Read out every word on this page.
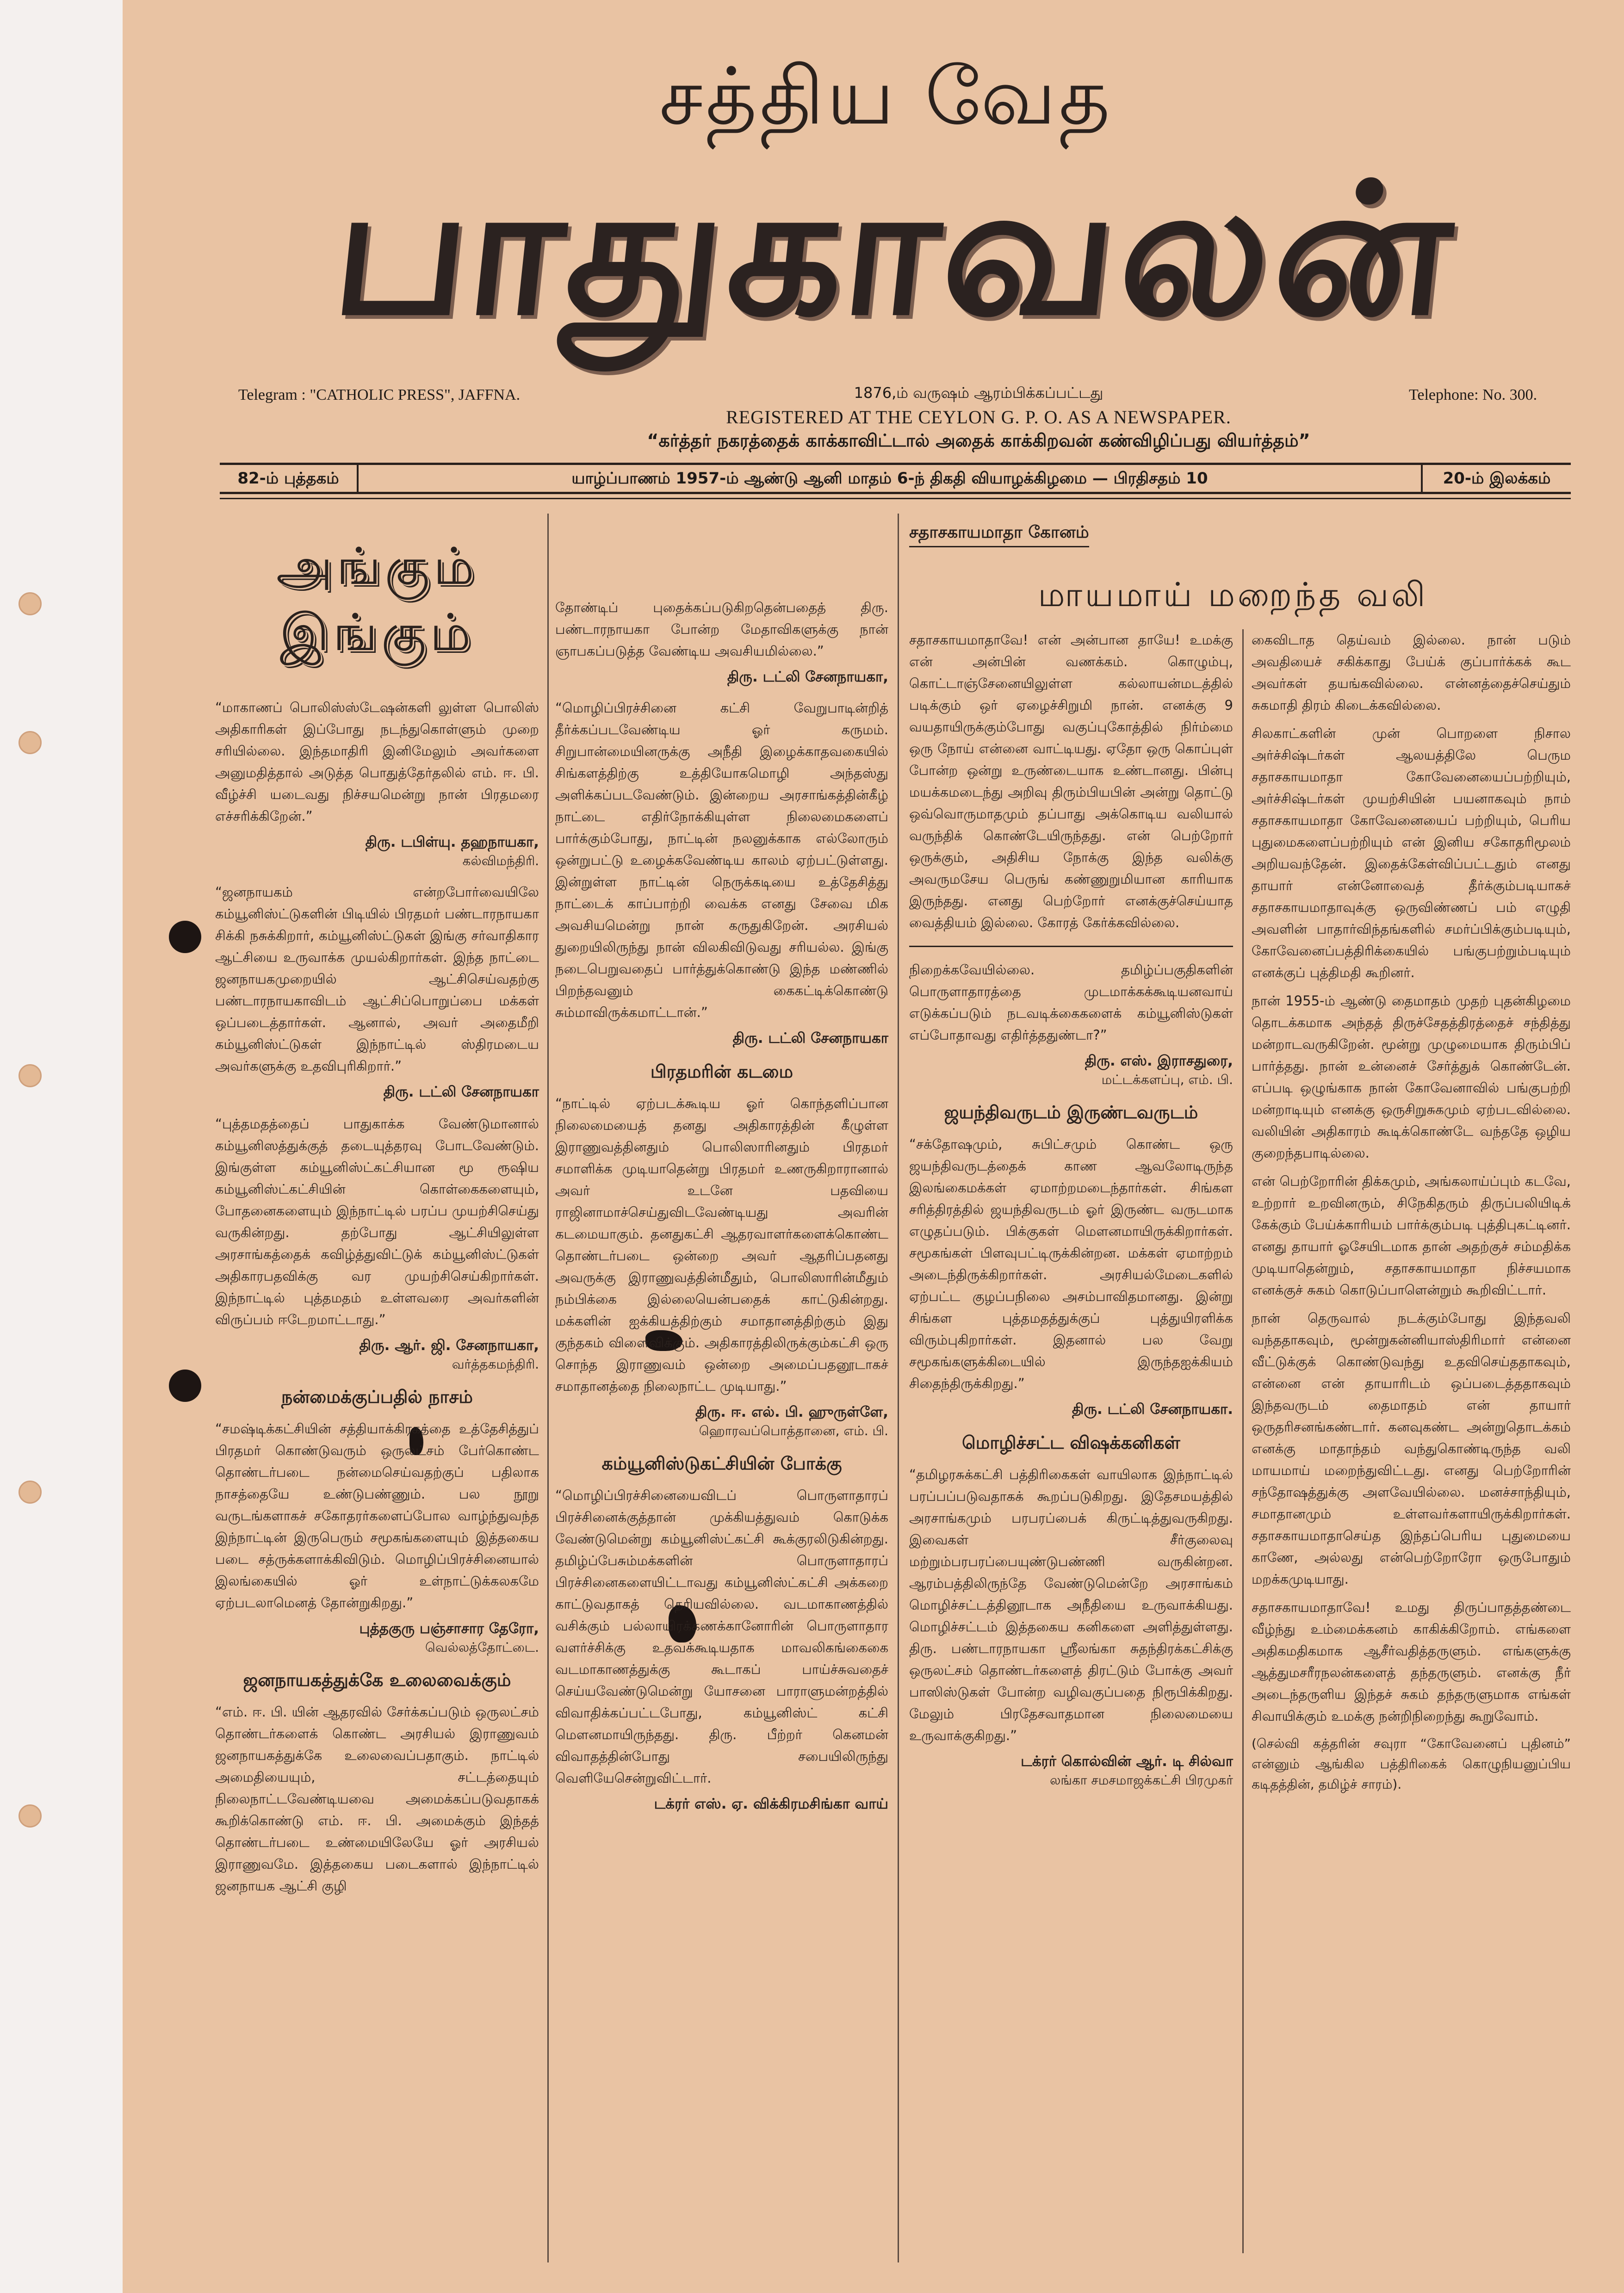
சத்திய வேத
பாதுகாவலன்
Telegram : "CATHOLIC PRESS", JAFFNA.	1876,ம் வருஷம் ஆரம்பிக்கப்பட்டது	Telephone: No. 300.
REGISTERED AT THE CEYLON G. P. O. AS A NEWSPAPER.
“கர்த்தர் நகரத்தைக் காக்காவிட்டால் அதைக் காக்கிறவன் கண்விழிப்பது வியர்த்தம்”
82-ம் புத்தகம்	யாழ்ப்பாணம் 1957-ம் ஆண்டு ஆனி மாதம் 6-ந் திகதி வியாழக்கிழமை — பிரதிசதம் 10	20-ம் இலக்கம்
அங்கும் இங்கும்
“மாகாணப் பொலிஸ்ஸ்டேஷன்களி லுள்ள பொலிஸ் அதிகாரிகள் இப்போது நடந்துகொள்ளும் முறை சரியில்லை. இந்தமாதிரி இனிமேலும் அவர்களை அனுமதித்தால் அடுத்த பொதுத்தேர்தலில் எம். ஈ. பி. வீழ்ச்சி யடைவது நிச்சயமென்று நான் பிரதமரை எச்சரிக்கிறேன்.”
திரு. டபிள்யு. தஹநாயகா,
கல்விமந்திரி.
“ஜனநாயகம் என்றபோர்வையிலே கம்யூனிஸ்ட்டுகளின் பிடியில் பிரதமர் பண்டாரநாயகா சிக்கி நசுக்கிறார், கம்யூனிஸ்ட்டுகள் இங்கு சர்வாதிகார ஆட்சியை உருவாக்க முயல்கிறார்கள். இந்த நாட்டை ஜனநாயகமுறையில் ஆட்சிசெய்வதற்கு பண்டாரநாயகாவிடம் ஆட்சிப்பொறுப்பை மக்கள் ஒப்படைத்தார்கள். ஆனால், அவர் அதைமீறி கம்யூனிஸ்ட்டுகள் இந்நாட்டில் ஸ்திரமடைய அவர்களுக்கு உதவிபுரிகிறார்.”
திரு. டட்லி சேனநாயகா
“புத்தமதத்தைப் பாதுகாக்க வேண்டுமானால் கம்யூனிஸத்துக்குத் தடையுத்தரவு போடவேண்டும். இங்குள்ள கம்யூனிஸ்ட்கட்சியான மூ ரூஷிய கம்யூனிஸ்ட்கட்சியின் கொள்கைகளையும், போதனைகளையும் இந்நாட்டில் பரப்ப முயற்சிசெய்து வருகின்றது. தற்போது ஆட்சியிலுள்ள அரசாங்கத்தைக் கவிழ்த்துவிட்டுக் கம்யூனிஸ்ட்டுகள் அதிகாரபதவிக்கு வர முயற்சிசெய்கிறார்கள். இந்நாட்டில் புத்தமதம் உள்ளவரை அவர்களின் விருப்பம் ஈடேறமாட்டாது.”
திரு. ஆர். ஜி. சேனநாயகா,
வர்த்தகமந்திரி.
நன்மைக்குப்பதில் நாசம்
“சமஷ்டிக்கட்சியின் சத்தியாக்கிரகத்தை உத்தேசித்துப் பிரதமர் கொண்டுவரும் ஒருலட்சம் பேர்கொண்ட தொண்டர்படை நன்மைசெய்வதற்குப் பதிலாக நாசத்தையே உண்டுபண்ணும். பல நூறு வருடங்களாகச் சகோதரர்களைப்போல வாழ்ந்துவந்த இந்நாட்டின் இருபெரும் சமூகங்களையும் இத்தகைய படை சத்ருக்களாக்கிவிடும். மொழிப்பிரச்சினையால் இலங்கையில் ஓர் உள்நாட்டுக்கலகமே ஏற்படலாமெனத் தோன்றுகிறது.”
புத்தகுரு பஞ்சாசார தேரோ,
வெல்லத்தோட்டை.
ஜனநாயகத்துக்கே உலைவைக்கும்
“எம். ஈ. பி. யின் ஆதரவில் சேர்க்கப்படும் ஒருலட்சம் தொண்டர்களைக் கொண்ட அரசியல் இராணுவம் ஜனநாயகத்துக்கே உலைவைப்பதாகும். நாட்டில் அமைதியையும், சட்டத்தையும் நிலைநாட்டவேண்டியவை அமைக்கப்படுவதாகக் கூறிக்கொண்டு எம். ஈ. பி. அமைக்கும் இந்தத் தொண்டர்படை உண்மையிலேயே ஓர் அரசியல் இராணுவமே. இத்தகைய படைகளால் இந்நாட்டில் ஜனநாயக ஆட்சி குழி
தோண்டிப் புதைக்கப்படுகிறதென்பதைத் திரு. பண்டாரநாயகா போன்ற மேதாவிகளுக்கு நான் ஞாபகப்படுத்த வேண்டிய அவசியமில்லை.”
திரு. டட்லி சேனநாயகா,
“மொழிப்பிரச்சினை கட்சி வேறுபாடின்றித் தீர்க்கப்படவேண்டிய ஓர் கருமம். சிறுபான்மையினருக்கு அநீதி இழைக்காதவகையில் சிங்களத்திற்கு உத்தியோகமொழி அந்தஸ்து அளிக்கப்படவேண்டும். இன்றைய அரசாங்கத்தின்கீழ் நாட்டை எதிர்நோக்கியுள்ள நிலைமைகளைப் பார்க்கும்போது, நாட்டின் நலனுக்காக எல்லோரும் ஒன்றுபட்டு உழைக்கவேண்டிய காலம் ஏற்பட்டுள்ளது. இன்றுள்ள நாட்டின் நெருக்கடியை உத்தேசித்து நாட்டைக் காப்பாற்றி வைக்க எனது சேவை மிக அவசியமென்று நான் கருதுகிறேன். அரசியல் துறையிலிருந்து நான் விலகிவிடுவது சரியல்ல. இங்கு நடைபெறுவதைப் பார்த்துக்கொண்டு இந்த மண்ணில் பிறந்தவனும் கைகட்டிக்கொண்டு சும்மாவிருக்கமாட்டான்.”
திரு. டட்லி சேனநாயகா
பிரதமரின் கடமை
“நாட்டில் ஏற்படக்கூடிய ஓர் கொந்தளிப்பான நிலைமையைத் தனது அதிகாரத்தின் கீழுள்ள இராணுவத்தினதும் பொலிஸாரினதும் பிரதமர் சமாளிக்க முடியாதென்று பிரதமர் உணருகிறாரானால் அவர் உடனே பதவியை ராஜினாமாச்செய்துவிடவேண்டியது அவரின் கடமையாகும். தனதுகட்சி ஆதரவாளர்களைக்கொண்ட தொண்டர்படை ஒன்றை அவர் ஆதரிப்பதனது அவருக்கு இராணுவத்தின்மீதும், பொலிஸாரின்மீதும் நம்பிக்கை இல்லையென்பதைக் காட்டுகின்றது. மக்களின் ஐக்கியத்திற்கும் சமாதானத்திற்கும் இது குந்தகம் விளைவிக்கும். அதிகாரத்திலிருக்கும்கட்சி ஒரு சொந்த இராணுவம் ஒன்றை அமைப்பதனூடாகச் சமாதானத்தை நிலைநாட்ட முடியாது.”
திரு. ஈ. எல். பி. ஹுருள்ளே,
ஹொரவப்பொத்தானை, எம். பி.
கம்யூனிஸ்டுகட்சியின் போக்கு
“மொழிப்பிரச்சினையைவிடப் பொருளாதாரப் பிரச்சினைக்குத்தான் முக்கியத்துவம் கொடுக்க வேண்டுமென்று கம்யூனிஸ்ட்கட்சி கூக்குரலிடுகின்றது. தமிழ்ப்பேசும்மக்களின் பொருளாதாரப் பிரச்சினைகளையிட்டாவது கம்யூனிஸ்ட்கட்சி அக்கறை காட்டுவதாகத் தெரியவில்லை. வடமாகாணத்தில் வசிக்கும் பல்லாயிரக்கணக்கானோரின் பொருளாதார வளர்ச்சிக்கு உதவக்கூடியதாக மாவலிகங்கைகை வடமாகாணத்துக்கு கூடாகப் பாய்ச்சுவதைச் செய்யவேண்டுமென்று யோசனை பாராளுமன்றத்தில் விவாதிக்கப்பட்டபோது, கம்யூனிஸ்ட் கட்சி மௌனமாயிருந்தது. திரு. பீற்றர் கெனமன் விவாதத்தின்போது சபையிலிருந்து வெளியேசென்றுவிட்டார்.
டக்ரர் எஸ். ஏ. விக்கிரமசிங்கா வாய்
சதாசகாயமாதா கோனம்
மாயமாய் மறைந்த வலி
சதாசகாயமாதாவே! என் அன்பான தாயே! உமக்கு என் அன்பின் வணக்கம். கொழும்பு, கொட்டாஞ்சேனையிலுள்ள கல்லாயன்மடத்தில் படிக்கும் ஒர் ஏழைச்சிறுமி நான். எனக்கு 9 வயதாயிருக்கும்போது வகுப்புகோத்தில் நிர்ம்மை ஒரு நோய் என்னை வாட்டியது. ஏதோ ஒரு கொப்புள் போன்ற ஒன்று உருண்டையாக உண்டானது. பின்பு மயக்கமடைந்து அறிவு திரும்பியபின் அன்று தொட்டு ஒவ்வொருமாதமும் தப்பாது அக்கொடிய வலியால் வருந்திக் கொண்டேயிருந்தது. என் பெற்றோர் ஒருக்கும், அதிசிய நோக்கு இந்த வலிக்கு அவருமசேய பெருங் கண்ணுறுமியான காரியாக இருந்தது. எனது பெற்றோர் எனக்குச்செய்யாத வைத்தியம் இல்லை. கோரத் கேர்க்கவில்லை.
நிறைக்கவேயில்லை. தமிழ்ப்பகுதிகளின் பொருளாதாரத்தை முடமாக்கக்கூடியனவாய் எடுக்கப்படும் நடவடிக்கைகளைக் கம்யூனிஸ்டுகள் எப்போதாவது எதிர்த்ததுண்டா?”
திரு. எஸ். இராசதுரை,
மட்டக்களப்பு, எம். பி.
ஜயந்திவருடம் இருண்டவருடம்
“சக்தோஷமும், சுபிட்சமும் கொண்ட ஒரு ஜயந்திவருடத்தைக் காண ஆவலோடிருந்த இலங்கைமக்கள் ஏமாற்றமடைந்தார்கள். சிங்கள சரித்திரத்தில் ஜயந்திவருடம் ஓர் இருண்ட வருடமாக எழுதப்படும். பிக்குகள் மௌனமாயிருக்கிறார்கள். சமூகங்கள் பிளவுபட்டிருக்கின்றன. மக்கள் ஏமாற்றம் அடைந்திருக்கிறார்கள். அரசியல்மேடைகளில் ஏற்பட்ட குழப்பநிலை அசம்பாவிதமானது. இன்று சிங்கள புத்தமதத்துக்குப் புத்துயிரளிக்க விரும்புகிறார்கள். இதனால் பல வேறு சமூகங்களுக்கிடையில் இருந்தஐக்கியம் சிதைந்திருக்கிறது.”
திரு. டட்லி சேனநாயகா.
மொழிச்சட்ட விஷக்கனிகள்
“தமிழரசுக்கட்சி பத்திரிகைகள் வாயிலாக இந்நாட்டில் பரப்பப்படுவதாகக் கூறப்படுகிறது. இதேசமயத்தில் அரசாங்கமும் பரபரப்பைக் கிருட்டித்துவருகிறது. இவைகள் சீர்குலைவு மற்றும்பரபரப்பையுண்டுபண்ணி வருகின்றன. ஆரம்பத்திலிருந்தே வேண்டுமென்றே அரசாங்கம் மொழிச்சட்டத்தினூடாக அநீதியை உருவாக்கியது. மொழிச்சட்டம் இத்தகைய கனிகளை அளித்துள்ளது. திரு. பண்டாரநாயகா ஸ்ரீலங்கா சுதந்திரக்கட்சிக்கு ஒருலட்சம் தொண்டர்களைத் திரட்டும் போக்கு அவர் பாஸிஸ்டுகள் போன்ற வழிவகுப்பதை நிரூபிக்கிறது. மேலும் பிரதேசவாதமான நிலைமையை உருவாக்குகிறது.”
டக்ரர் கொல்வின் ஆர். டி சில்வா
லங்கா சமசமாஜக்கட்சி பிரமுகர்
கைவிடாத தெய்வம் இல்லை. நான் படும் அவதியைச் சகிக்காது பேய்க் குப்பார்க்கக் கூட அவர்கள் தயங்கவில்லை. என்னத்தைச்செய்தும் சுகமாதி திரம் கிடைக்கவில்லை.
சிலகாட்களின் முன் பொறளை நிசால அர்ச்சிஷ்டர்கள் ஆலயத்திலே பெரும சதாசகாயமாதா கோவேனையைப்பற்றியும், அர்ச்சிஷ்டர்கள் முயற்சியின் பயனாகவும் நாம் சதாசகாயமாதா கோவேனையைப் பற்றியும், பெரிய புதுமைகளைப்பற்றியும் என் இனிய சகோதரிமூலம் அறியவந்தேன். இதைக்கேள்விப்பட்டதும் எனது தாயார் என்னோவைத் தீர்க்கும்படியாகச் சதாசகாயமாதாவுக்கு ஒருவிண்ணப் பம் எழுதி அவளின் பாதார்விந்தங்களில் சமர்ப்பிக்கும்படியும், கோவேனைப்பத்திரிக்கையில் பங்குபற்றும்படியும் எனக்குப் புத்திமதி கூறினர்.
நான் 1955-ம் ஆண்டு தைமாதம் முதற் புதன்கிழமை தொடக்கமாக அந்தத் திருச்சேதத்திரத்தைச் சந்தித்து மன்றாடவருகிறேன். மூன்று முழுமையாக திரும்பிப் பார்த்தது. நான் உன்னைச் சேர்த்துக் கொண்டேன். எப்படி ஒழுங்காக நான் கோவேனாவில் பங்குபற்றி மன்றாடியும் எனக்கு ஒருசிறுசுகமும் ஏற்படவில்லை. வலியின் அதிகாரம் கூடிக்கொண்டே வந்ததே ஒழிய குறைந்தபாடில்லை.
என் பெற்றோரின் திக்கமும், அங்கலாய்ப்பும் கடவே, உற்றார் உறவினரும், சிநேகிதரும் திருப்பலியிடிக் கேக்கும் பேய்க்காரியம் பார்க்கும்படி புத்திபுகட்டினர். எனது தாயார் ஓசேயிடமாக தான் அதற்குச் சம்மதிக்க முடியாதென்றும், சதாசகாயமாதா நிச்சயமாக எனக்குச் சுகம் கொடுப்பாளென்றும் கூறிவிட்டார்.
நான் தெருவால் நடக்கும்போது இந்தவலி வந்ததாகவும், மூன்றுகன்னியாஸ்திரிமார் என்னை வீட்டுக்குக் கொண்டுவந்து உதவிசெய்ததாகவும், என்னை என் தாயாரிடம் ஒப்படைத்ததாகவும் இந்தவருடம் தைமாதம் என் தாயார் ஒருதரிசனங்கண்டார். கனவுகண்ட அன்றுதொடக்கம் எனக்கு மாதாந்தம் வந்துகொண்டிருந்த வலி மாயமாய் மறைந்துவிட்டது. எனது பெற்றோரின் சந்தோஷத்துக்கு அளவேயில்லை. மனச்சாந்தியும், சமாதானமும் உள்ளவர்களாயிருக்கிறார்கள். சதாசகாயமாதாசெய்த இந்தப்பெரிய புதுமையை காணே, அல்லது என்பெற்றோரோ ஒருபோதும் மறக்கமுடியாது.
சதாசகாயமாதாவே! உமது திருப்பாதத்தண்டை வீழ்ந்து உம்மைக்கனம் காகிக்கிறோம். எங்களை அதிகமதிகமாக ஆசீர்வதித்தருளும். எங்களுக்கு ஆத்துமசரீரநலன்களைத் தந்தருளும். எனக்கு நீர் அடைந்தருளிய இந்தச் சுகம் தந்தருளுமாக எங்கள் சிவாயிக்கும் உமக்கு நன்றிநிறைந்து கூறுவோம்.
(செல்வி கத்தரின் சவுரா “கோவேனைப் புதினம்” என்னும் ஆங்கில பத்திரிகைக் கொழுநியனுப்பிய கடிதத்தின், தமிழ்ச் சாரம்).
